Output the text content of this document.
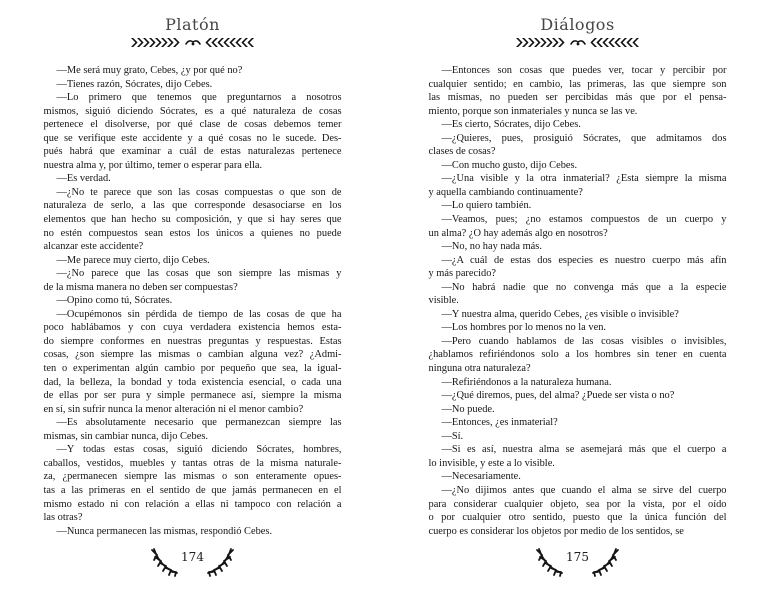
Platón
—Me será muy grato, Cebes, ¿y por qué no?
—Tienes razón, Sócrates, dijo Cebes.
—Lo primero que tenemos que preguntarnos a nosotros
mismos, siguió diciendo Sócrates, es a qué naturaleza de cosas
pertenece el disolverse, por qué clase de cosas debemos temer
que se verifique este accidente y a qué cosas no le sucede. Des-
pués habrá que examinar a cuál de estas naturalezas pertenece
nuestra alma y, por último, temer o esperar para ella.
—Es verdad.
—¿No te parece que son las cosas compuestas o que son de
naturaleza de serlo, a las que corresponde desasociarse en los
elementos que han hecho su composición, y que si hay seres que
no estén compuestos sean estos los únicos a quienes no puede
alcanzar este accidente?
—Me parece muy cierto, dijo Cebes.
—¿No parece que las cosas que son siempre las mismas y
de la misma manera no deben ser compuestas?
—Opino como tú, Sócrates.
—Ocupémonos sin pérdida de tiempo de las cosas de que ha
poco hablábamos y con cuya verdadera existencia hemos esta-
do siempre conformes en nuestras preguntas y respuestas. Estas
cosas, ¿son siempre las mismas o cambian alguna vez? ¿Admi-
ten o experimentan algún cambio por pequeño que sea, la igual-
dad, la belleza, la bondad y toda existencia esencial, o cada una
de ellas por ser pura y simple permanece así, siempre la misma
en sí, sin sufrir nunca la menor alteración ni el menor cambio?
—Es absolutamente necesario que permanezcan siempre las
mismas, sin cambiar nunca, dijo Cebes.
—Y todas estas cosas, siguió diciendo Sócrates, hombres,
caballos, vestidos, muebles y tantas otras de la misma naturale-
za, ¿permanecen siempre las mismas o son enteramente opues-
tas a las primeras en el sentido de que jamás permanecen en el
mismo estado ni con relación a ellas ni tampoco con relación a
las otras?
—Nunca permanecen las mismas, respondió Cebes.
174
Diálogos
—Entonces son cosas que puedes ver, tocar y percibir por
cualquier sentido; en cambio, las primeras, las que siempre son
las mismas, no pueden ser percibidas más que por el pensa-
miento, porque son inmateriales y nunca se las ve.
—Es cierto, Sócrates, dijo Cebes.
—¿Quieres, pues, prosiguió Sócrates, que admitamos dos
clases de cosas?
—Con mucho gusto, dijo Cebes.
—¿Una visible y la otra inmaterial? ¿Esta siempre la misma
y aquella cambiando continuamente?
—Lo quiero también.
—Veamos, pues; ¿no estamos compuestos de un cuerpo y
un alma? ¿O hay además algo en nosotros?
—No, no hay nada más.
—¿A cuál de estas dos especies es nuestro cuerpo más afín
y más parecido?
—No habrá nadie que no convenga más que a la especie
visible.
—Y nuestra alma, querido Cebes, ¿es visible o invisible?
—Los hombres por lo menos no la ven.
—Pero cuando hablamos de las cosas visibles o invisibles,
¿hablamos refiriéndonos solo a los hombres sin tener en cuenta
ninguna otra naturaleza?
—Refiriéndonos a la naturaleza humana.
—¿Qué diremos, pues, del alma? ¿Puede ser vista o no?
—No puede.
—Entonces, ¿es inmaterial?
—Sí.
—Si es así, nuestra alma se asemejará más que el cuerpo a
lo invisible, y este a lo visible.
—Necesariamente.
—¿No dijimos antes que cuando el alma se sirve del cuerpo
para considerar cualquier objeto, sea por la vista, por el oído
o por cualquier otro sentido, puesto que la única función del
cuerpo es considerar los objetos por medio de los sentidos, se
175
